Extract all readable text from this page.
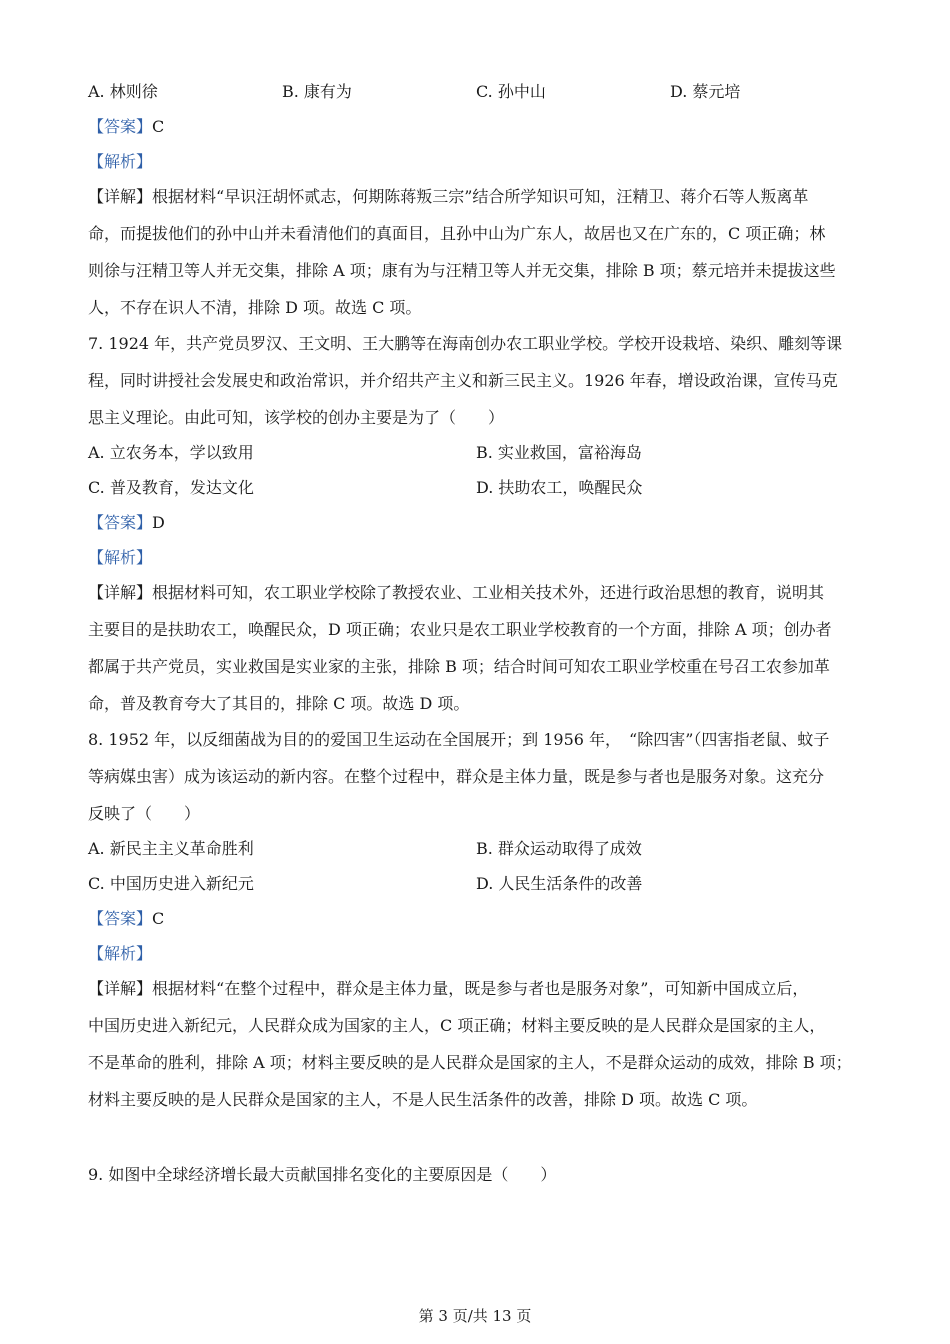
A. 林则徐	B. 康有为	C. 孙中山	D. 蔡元培
【答案】C
【解析】
【详解】根据材料“早识汪胡怀贰志，何期陈蒋叛三宗”结合所学知识可知，汪精卫、蒋介石等人叛离革
命，而提拔他们的孙中山并未看清他们的真面目，且孙中山为广东人，故居也又在广东的，C 项正确；林
则徐与汪精卫等人并无交集，排除 A 项；康有为与汪精卫等人并无交集，排除 B 项；蔡元培并未提拔这些
人，不存在识人不清，排除 D 项。故选 C 项。
7. 1924 年，共产党员罗汉、王文明、王大鹏等在海南创办农工职业学校。学校开设栽培、染织、雕刻等课
程，同时讲授社会发展史和政治常识，并介绍共产主义和新三民主义。1926 年春，增设政治课，宣传马克
思主义理论。由此可知，该学校的创办主要是为了（　　）
A. 立农务本，学以致用	B. 实业救国，富裕海岛
C. 普及教育，发达文化	D. 扶助农工，唤醒民众
【答案】D
【解析】
【详解】根据材料可知，农工职业学校除了教授农业、工业相关技术外，还进行政治思想的教育，说明其
主要目的是扶助农工，唤醒民众，D 项正确；农业只是农工职业学校教育的一个方面，排除 A 项；创办者
都属于共产党员，实业救国是实业家的主张，排除 B 项；结合时间可知农工职业学校重在号召工农参加革
命，普及教育夸大了其目的，排除 C 项。故选 D 项。
8. 1952 年，以反细菌战为目的的爱国卫生运动在全国展开；到 1956 年，　“除四害”（四害指老鼠、蚊子
等病媒虫害）成为该运动的新内容。在整个过程中，群众是主体力量，既是参与者也是服务对象。这充分
反映了（　　）
A. 新民主主义革命胜利	B. 群众运动取得了成效
C. 中国历史进入新纪元	D. 人民生活条件的改善
【答案】C
【解析】
【详解】根据材料“在整个过程中，群众是主体力量，既是参与者也是服务对象”，可知新中国成立后，
中国历史进入新纪元，人民群众成为国家的主人，C 项正确；材料主要反映的是人民群众是国家的主人，
不是革命的胜利，排除 A 项；材料主要反映的是人民群众是国家的主人，不是群众运动的成效，排除 B 项；
材料主要反映的是人民群众是国家的主人，不是人民生活条件的改善，排除 D 项。故选 C 项。
9. 如图中全球经济增长最大贡献国排名变化的主要原因是（　　）
第 3 页/共 13 页
